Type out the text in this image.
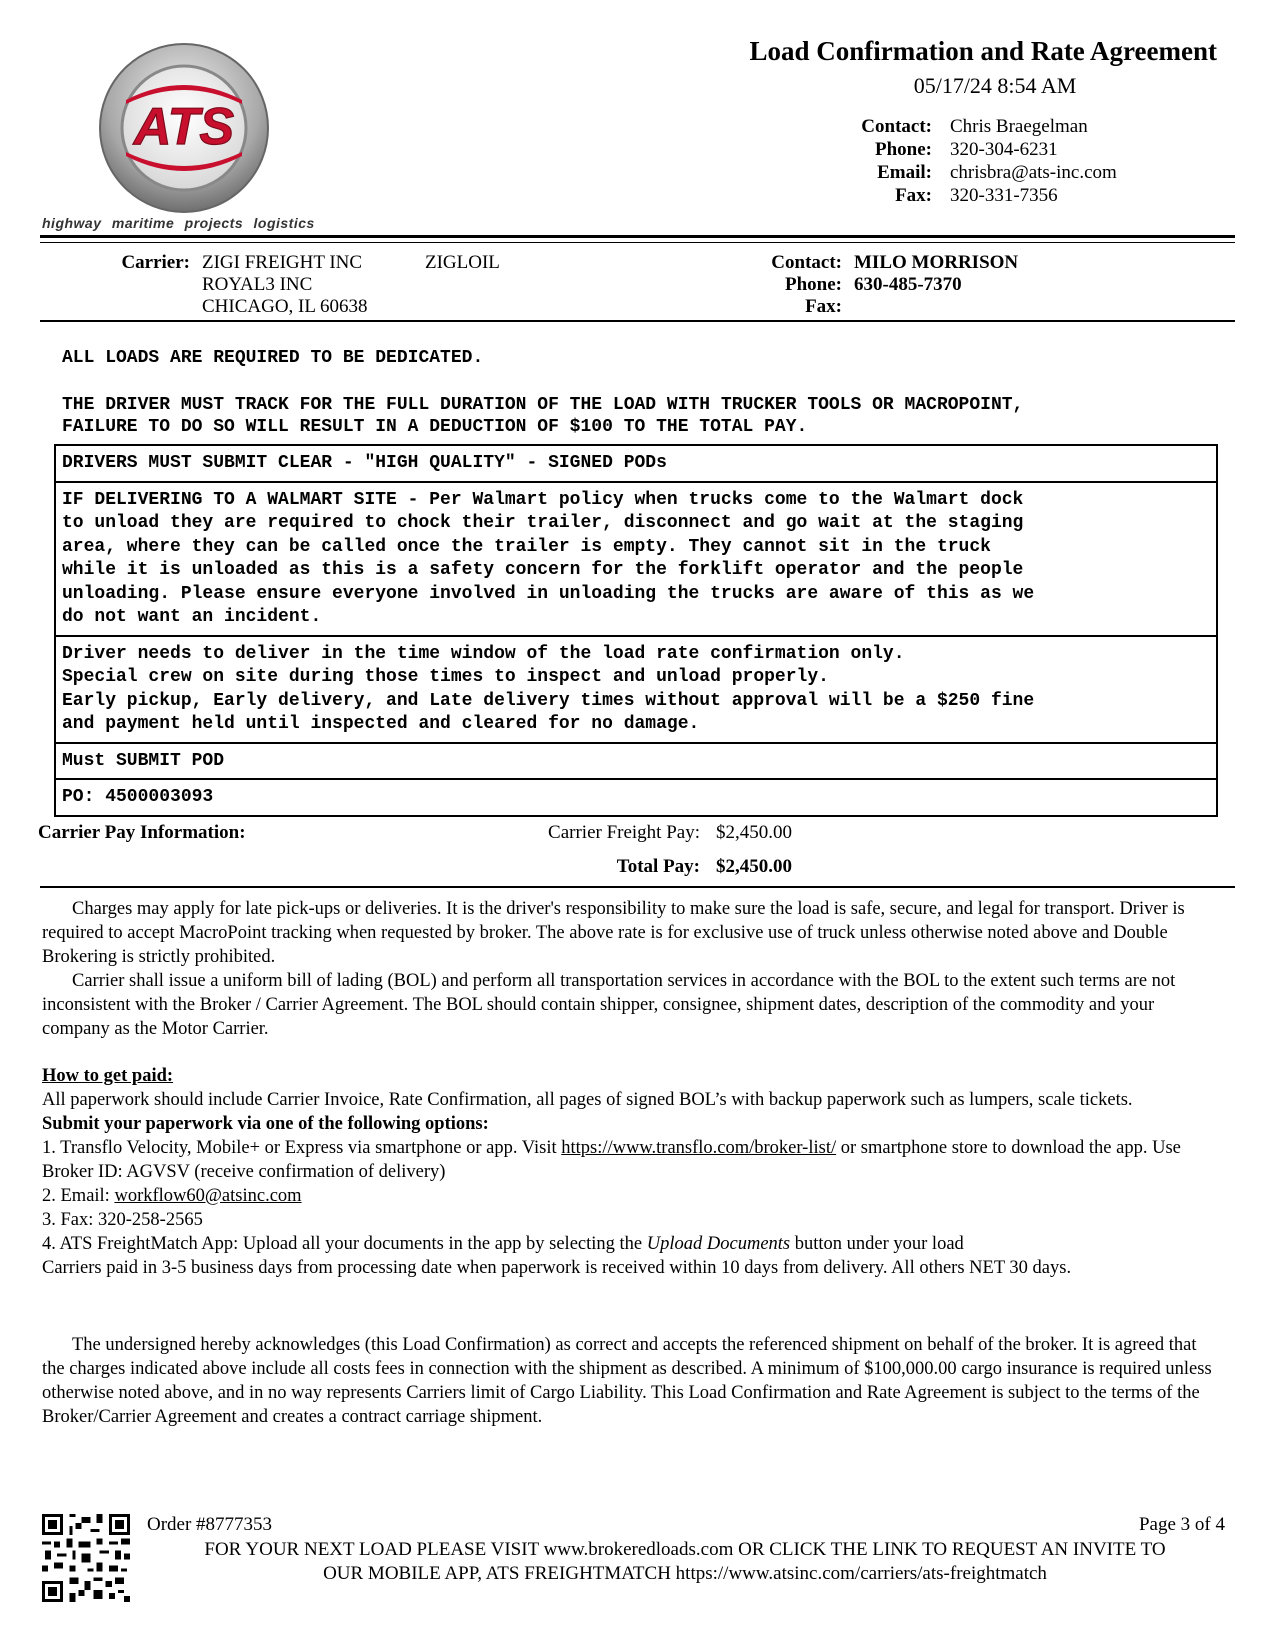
ATS
highway maritime projects logistics
Load Confirmation and Rate Agreement
05/17/24 8:54 AM
Contact: Chris Braegelman
Phone: 320-304-6231
Email: chrisbra@ats-inc.com
Fax: 320-331-7356
Carrier: ZIGI FREIGHT INC	ZIGLOIL
ROYAL3 INC
CHICAGO, IL 60638
Contact: MILO MORRISON
Phone: 630-485-7370
Fax:
ALL LOADS ARE REQUIRED TO BE DEDICATED.
THE DRIVER MUST TRACK FOR THE FULL DURATION OF THE LOAD WITH TRUCKER TOOLS OR MACROPOINT,
FAILURE TO DO SO WILL RESULT IN A DEDUCTION OF $100 TO THE TOTAL PAY.
DRIVERS MUST SUBMIT CLEAR - "HIGH QUALITY" - SIGNED PODs
IF DELIVERING TO A WALMART SITE - Per Walmart policy when trucks come to the Walmart dock
to unload they are required to chock their trailer, disconnect and go wait at the staging
area, where they can be called once the trailer is empty. They cannot sit in the truck
while it is unloaded as this is a safety concern for the forklift operator and the people
unloading. Please ensure everyone involved in unloading the trucks are aware of this as we
do not want an incident.
Driver needs to deliver in the time window of the load rate confirmation only.
Special crew on site during those times to inspect and unload properly.
Early pickup, Early delivery, and Late delivery times without approval will be a $250 fine
and payment held until inspected and cleared for no damage.
Must SUBMIT POD
PO: 4500003093
Carrier Pay Information:	Carrier Freight Pay: $2,450.00
Total Pay: $2,450.00

Charges may apply for late pick-ups or deliveries. It is the driver's responsibility to make sure the load is safe, secure, and legal for transport. Driver is required to accept MacroPoint tracking when requested by broker. The above rate is for exclusive use of truck unless otherwise noted above and Double Brokering is strictly prohibited.

Carrier shall issue a uniform bill of lading (BOL) and perform all transportation services in accordance with the BOL to the extent such terms are not inconsistent with the Broker / Carrier Agreement. The BOL should contain shipper, consignee, shipment dates, description of the commodity and your company as the Motor Carrier.

How to get paid:

All paperwork should include Carrier Invoice, Rate Confirmation, all pages of signed BOL’s with backup paperwork such as lumpers, scale tickets.

Submit your paperwork via one of the following options:

1. Transflo Velocity, Mobile+ or Express via smartphone or app. Visit https://www.transflo.com/broker-list/ or smartphone store to download the app. Use Broker ID: AGVSV (receive confirmation of delivery)

2. Email: workflow60@atsinc.com

3. Fax: 320-258-2565

4. ATS FreightMatch App: Upload all your documents in the app by selecting the Upload Documents button under your load

Carriers paid in 3-5 business days from processing date when paperwork is received within 10 days from delivery. All others NET 30 days.

The undersigned hereby acknowledges (this Load Confirmation) as correct and accepts the referenced shipment on behalf of the broker. It is agreed that the charges indicated above include all costs fees in connection with the shipment as described. A minimum of $100,000.00 cargo insurance is required unless otherwise noted above, and in no way represents Carriers limit of Cargo Liability. This Load Confirmation and Rate Agreement is subject to the terms of the Broker/Carrier Agreement and creates a contract carriage shipment.

Order #8777353	Page 3 of 4
FOR YOUR NEXT LOAD PLEASE VISIT www.brokeredloads.com OR CLICK THE LINK TO REQUEST AN INVITE TO
OUR MOBILE APP, ATS FREIGHTMATCH https://www.atsinc.com/carriers/ats-freightmatch
